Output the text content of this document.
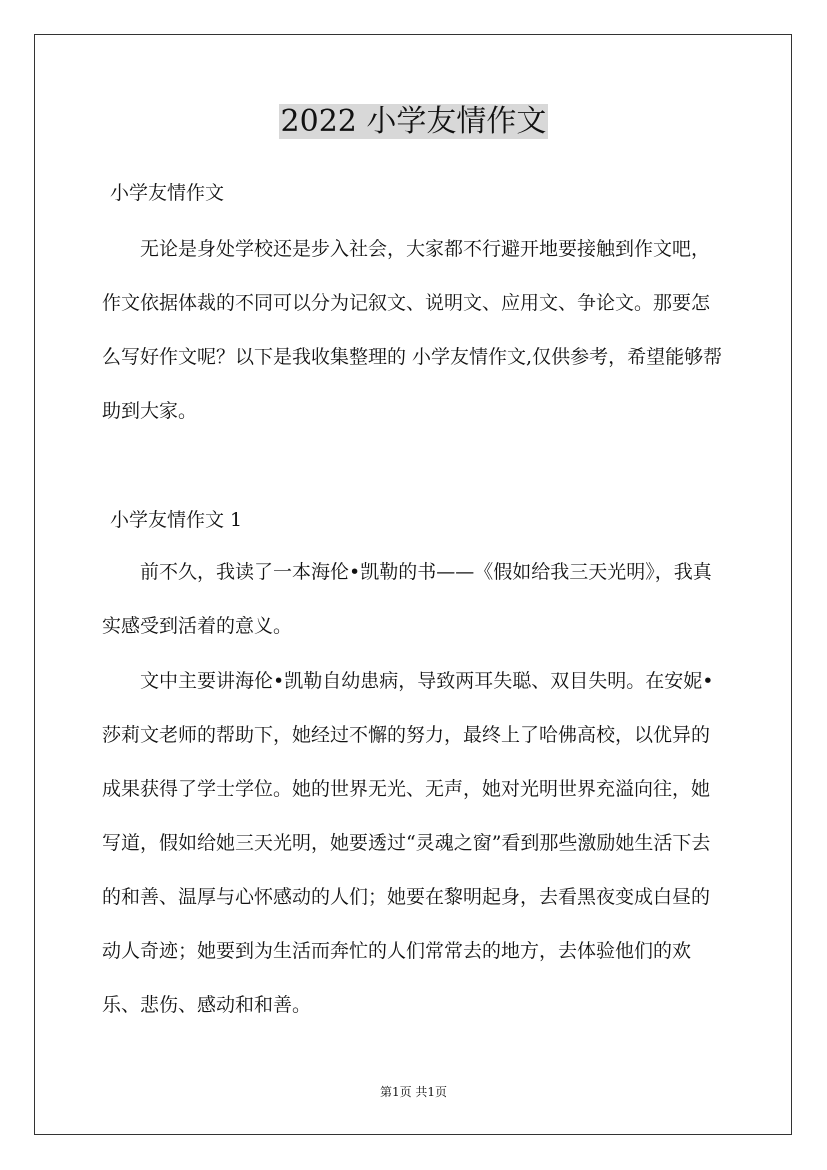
2022 小学友情作文
小学友情作文
无论是身处学校还是步入社会，大家都不行避开地要接触到作文吧，作文依据体裁的不同可以分为记叙文、说明文、应用文、争论文。那要怎么写好作文呢？以下是我收集整理的 小学友情作文,仅供参考，希望能够帮助到大家。
小学友情作文 1
前不久，我读了一本海伦•凯勒的书——《假如给我三天光明》，我真实感受到活着的意义。
文中主要讲海伦•凯勒自幼患病，导致两耳失聪、双目失明。在安妮•莎莉文老师的帮助下，她经过不懈的努力，最终上了哈佛高校，以优异的成果获得了学士学位。她的世界无光、无声，她对光明世界充溢向往，她写道，假如给她三天光明，她要透过“灵魂之窗”看到那些激励她生活下去的和善、温厚与心怀感动的人们；她要在黎明起身，去看黑夜变成白昼的动人奇迹；她要到为生活而奔忙的人们常常去的地方，去体验他们的欢乐、悲伤、感动和和善。
第1页 共1页
